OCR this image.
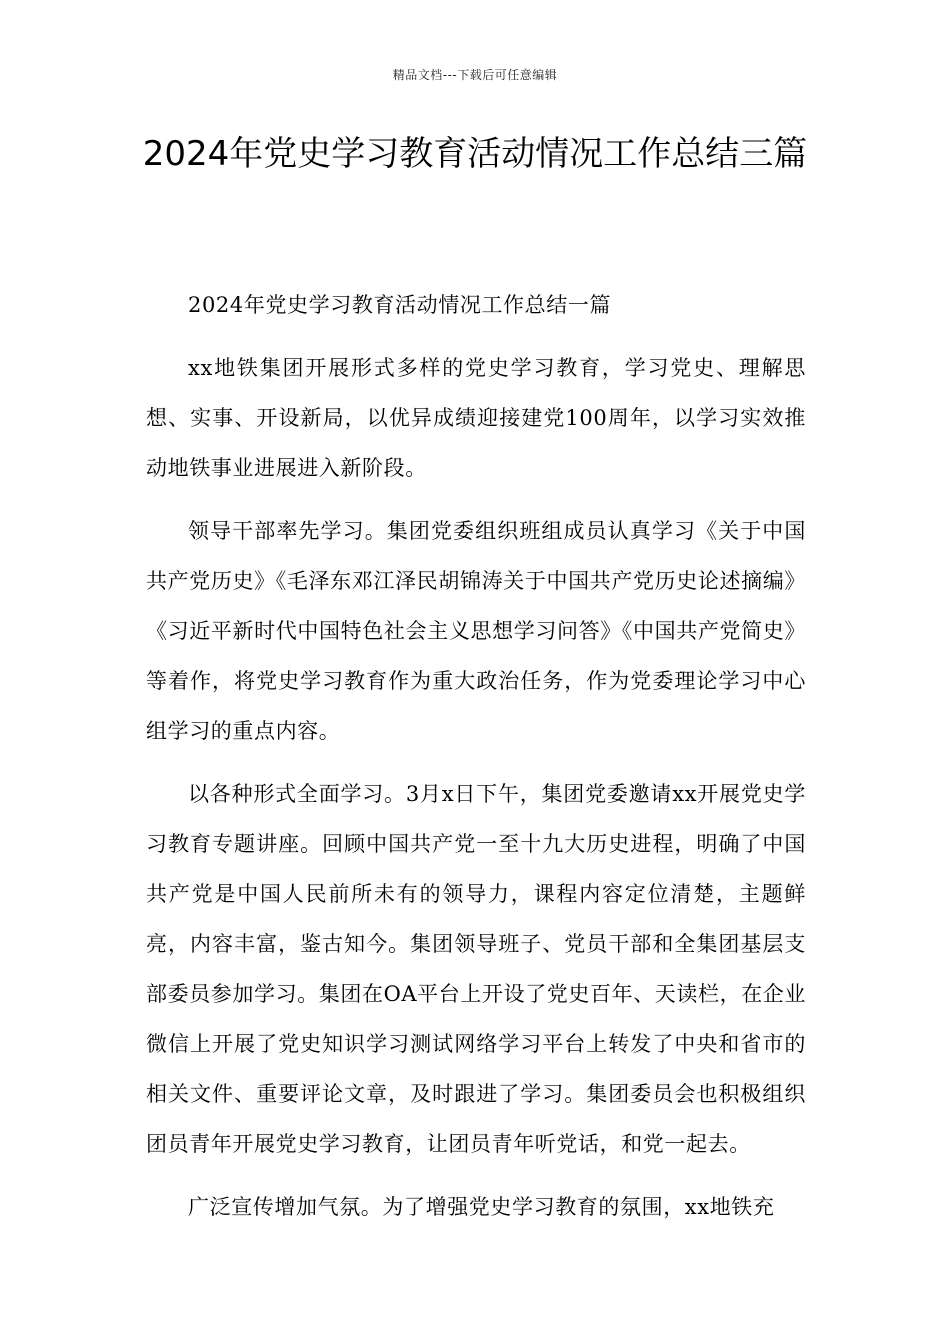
精品文档---下载后可任意编辑
2024年党史学习教育活动情况工作总结三篇

2024年党史学习教育活动情况工作总结一篇

xx地铁集团开展形式多样的党史学习教育，学习党史、理解思想、实事、开设新局，以优异成绩迎接建党100周年，以学习实效推动地铁事业进展进入新阶段。

领导干部率先学习。集团党委组织班组成员认真学习《关于中国共产党历史》《毛泽东邓江泽民胡锦涛关于中国共产党历史论述摘编》《习近平新时代中国特色社会主义思想学习问答》《中国共产党简史》等着作，将党史学习教育作为重大政治任务，作为党委理论学习中心组学习的重点内容。

以各种形式全面学习。3月x日下午，集团党委邀请xx开展党史学习教育专题讲座。回顾中国共产党一至十九大历史进程，明确了中国共产党是中国人民前所未有的领导力，课程内容定位清楚，主题鲜亮，内容丰富，鉴古知今。集团领导班子、党员干部和全集团基层支部委员参加学习。集团在OA平台上开设了党史百年、天读栏，在企业微信上开展了党史知识学习测试网络学习平台上转发了中央和省市的相关文件、重要评论文章，及时跟进了学习。集团委员会也积极组织团员青年开展党史学习教育，让团员青年听党话，和党一起去。

广泛宣传增加气氛。为了增强党史学习教育的氛围，xx地铁充
